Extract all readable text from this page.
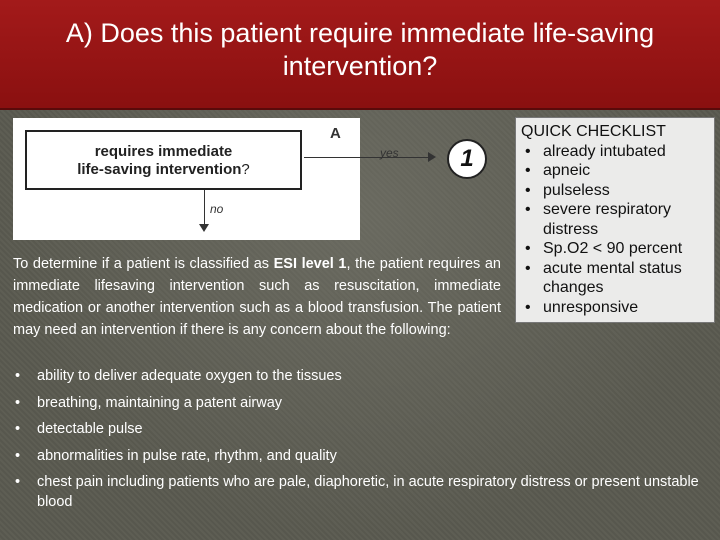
A) Does this patient require immediate life-saving intervention?
A
requires immediate
life-saving intervention?
yes
no
1
QUICK CHECKLIST
• already intubated
• apneic
• pulseless
• severe respiratory distress
• Sp.O2 < 90 percent
• acute mental status changes
• unresponsive
To determine if a patient is classified as ESI level 1, the patient requires an immediate lifesaving intervention such as resuscitation, immediate medication or another intervention such as a blood transfusion. The patient may need an intervention if there is any concern about the following:
• ability to deliver adequate oxygen to the tissues
• breathing, maintaining a patent airway
• detectable pulse
• abnormalities in pulse rate, rhythm, and quality
• chest pain including patients who are pale, diaphoretic, in acute respiratory distress or present unstable blood
